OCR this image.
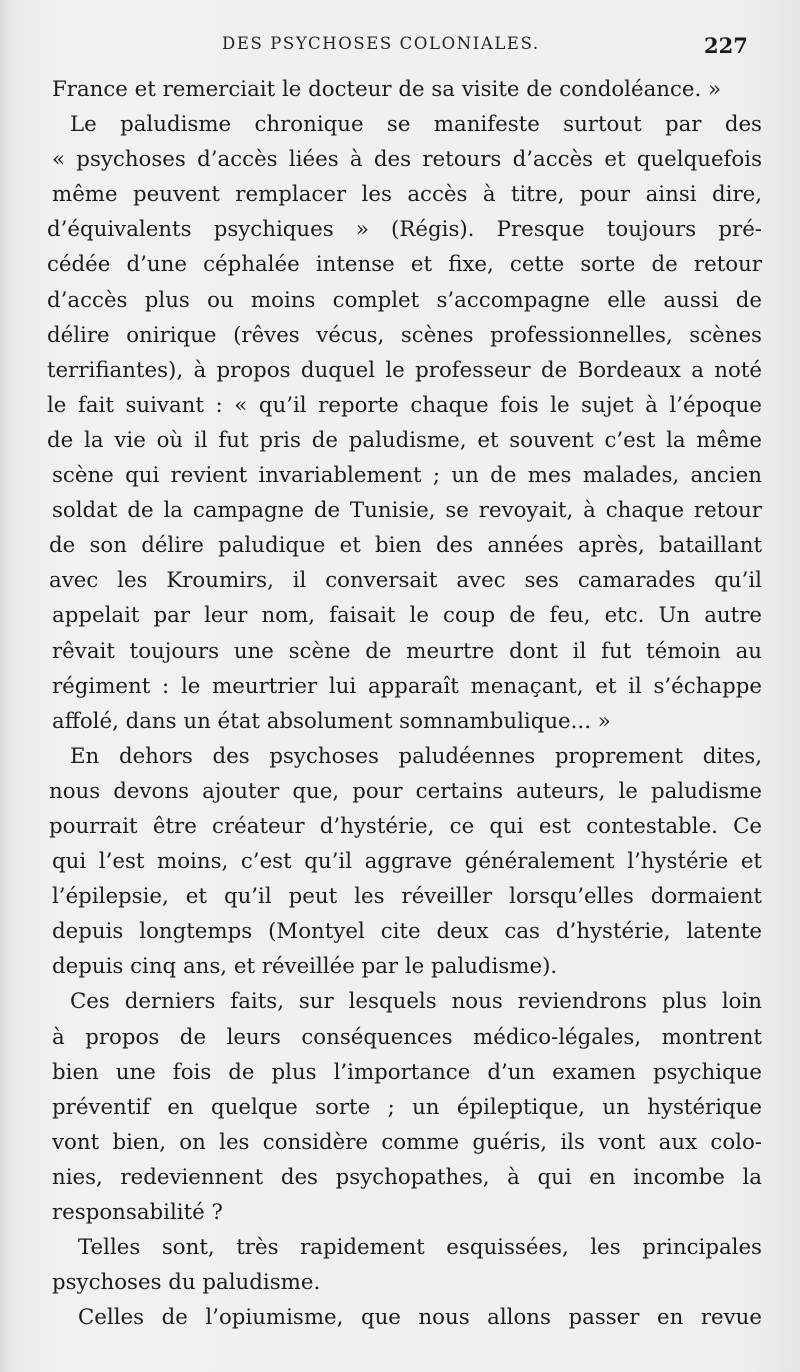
DES PSYCHOSES COLONIALES.	227
France et remerciait le docteur de sa visite de condoléance. »
Le paludisme chronique se manifeste surtout par des
« psychoses d’accès liées à des retours d’accès et quelquefois
même peuvent remplacer les accès à titre, pour ainsi dire,
d’équivalents psychiques » (Régis). Presque toujours pré-
cédée d’une céphalée intense et fixe, cette sorte de retour
d’accès plus ou moins complet s’accompagne elle aussi de
délire onirique (rêves vécus, scènes professionnelles, scènes
terrifiantes), à propos duquel le professeur de Bordeaux a noté
le fait suivant : « qu’il reporte chaque fois le sujet à l’époque
de la vie où il fut pris de paludisme, et souvent c’est la même
scène qui revient invariablement ; un de mes malades, ancien
soldat de la campagne de Tunisie, se revoyait, à chaque retour
de son délire paludique et bien des années après, bataillant
avec les Kroumirs, il conversait avec ses camarades qu’il
appelait par leur nom, faisait le coup de feu, etc. Un autre
rêvait toujours une scène de meurtre dont il fut témoin au
régiment : le meurtrier lui apparaît menaçant, et il s’échappe
affolé, dans un état absolument somnambulique... »
En dehors des psychoses paludéennes proprement dites,
nous devons ajouter que, pour certains auteurs, le paludisme
pourrait être créateur d’hystérie, ce qui est contestable. Ce
qui l’est moins, c’est qu’il aggrave généralement l’hystérie et
l’épilepsie, et qu’il peut les réveiller lorsqu’elles dormaient
depuis longtemps (Montyel cite deux cas d’hystérie, latente
depuis cinq ans, et réveillée par le paludisme).
Ces derniers faits, sur lesquels nous reviendrons plus loin
à propos de leurs conséquences médico-légales, montrent
bien une fois de plus l’importance d’un examen psychique
préventif en quelque sorte ; un épileptique, un hystérique
vont bien, on les considère comme guéris, ils vont aux colo-
nies, redeviennent des psychopathes, à qui en incombe la
responsabilité ?
Telles sont, très rapidement esquissées, les principales
psychoses du paludisme.
Celles de l’opiumisme, que nous allons passer en revue
